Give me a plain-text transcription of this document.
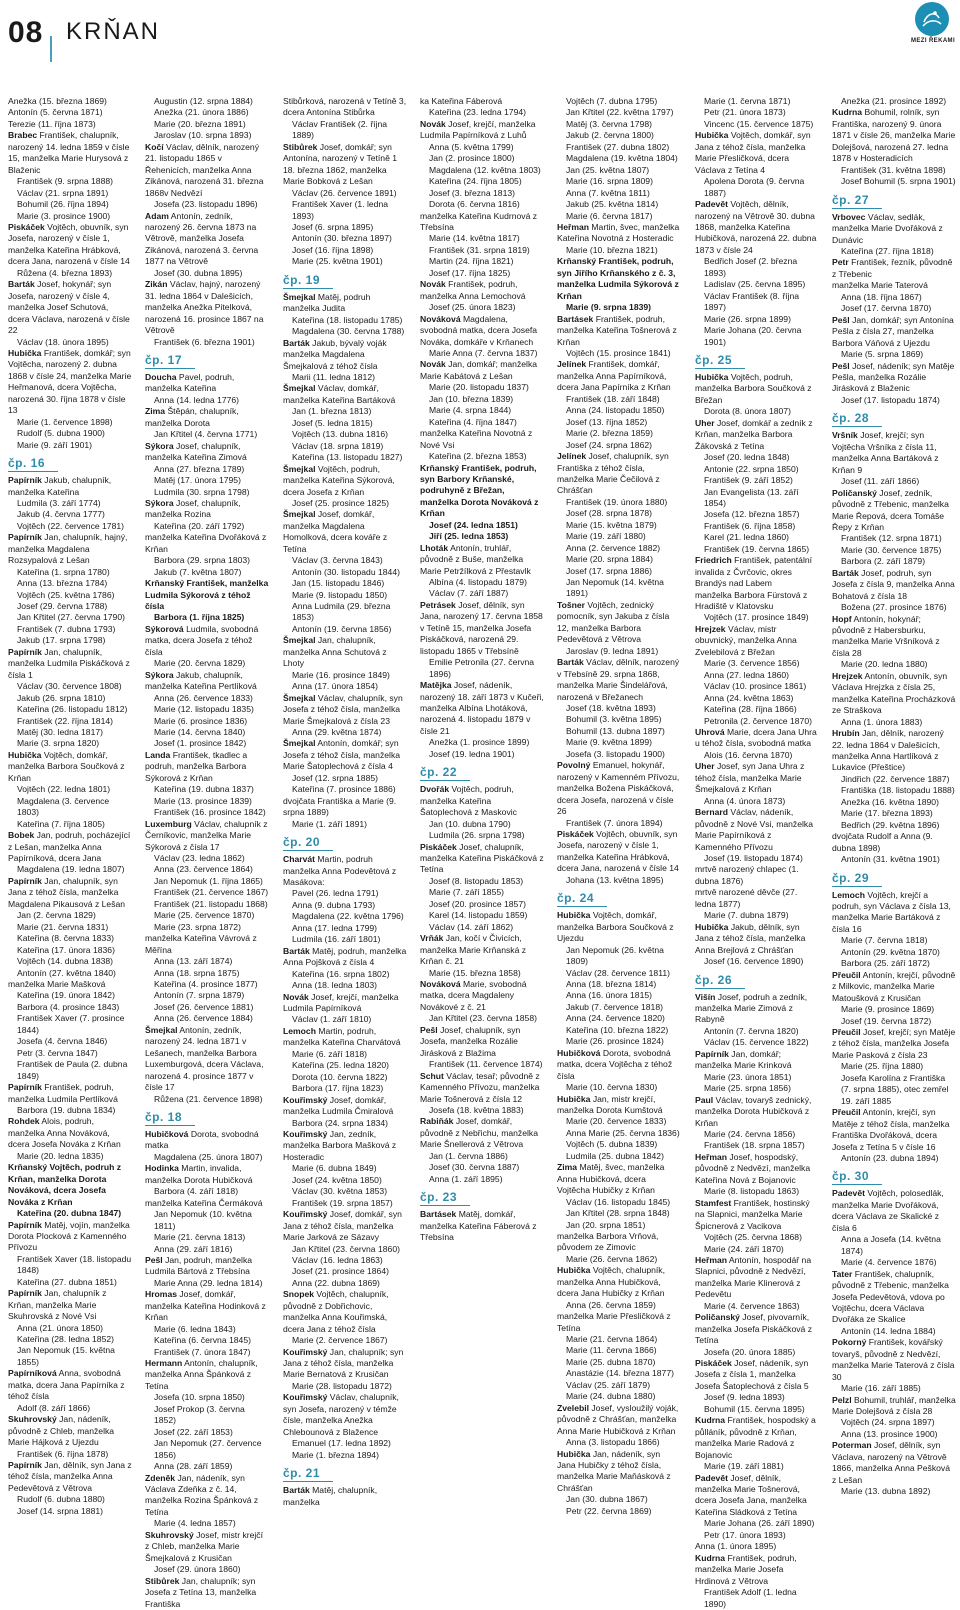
08 KRŇAN	MEZI ŘEKAMI
Anežka (15. března 1869)
Antonín (5. června 1871)
Terezie (11. října 1873)
Brabec František, chalupník, narozený 14. ledna 1859 v čísle 15, manželka Marie Hurysová z Blaženic
František (9. srpna 1888)
Václav (21. srpna 1891)
Bohumil (26. října 1894)
Marie (3. prosince 1900)
Piskáček Vojtěch, obuvník, syn Josefa, narozený v čísle 1, manželka Kateřina Hrábková, dcera Jana, narozená v čísle 14
Růžena (4. března 1893)
Barták Josef, hokynář; syn Josefa, narozený v čísle 4, manželka Josef Schutová, dcera Václava, narozená v čísle 22
Václav (18. února 1895)
Hubička František, domkář; syn Vojtěcha, narozený 2. dubna 1868 v čísle 24, manželka Marie Heřmanová, dcera Vojtěcha, narozená 30. října 1878 v čísle 13
Marie (1. července 1898)
Rudolf (5. dubna 1900)
Marie (9. září 1901)
čp. 16
Papírník Jakub, chalupník, manželka Kateřina
Ludmila (3. září 1774)
Jakub (4. června 1777)
Vojtěch (22. července 1781)
Papírník Jan, chalupník, hajný, manželka Magdalena Rozsypalová z Lešan
Kateřina (1. srpna 1780)
Anna (13. března 1784)
Vojtěch (25. května 1786)
Josef (29. června 1788)
Jan Křtitel (27. června 1790)
František (7. dubna 1793)
Jakub (17. srpna 1798)
Papírník Jan, chalupník, manželka Ludmila Piskáčková z čísla 1
Václav (30. července 1808)
Jakub (26. srpna 1810)
Kateřina (26. listopadu 1812)
František (22. října 1814)
Matěj (30. ledna 1817)
Marie (3. srpna 1820)
Hubička Vojtěch, domkář, manželka Barbora Součková z Krňan
Vojtěch (22. ledna 1801)
Magdalena (3. července 1803)
Kateřina (7. října 1805)
Bobek Jan, podruh, pocházející z Lešan, manželka Anna Papírníková, dcera Jana
Magdalena (19. ledna 1807)
Papírník Jan, chalupník, syn Jana z téhož čísla, manželka Magdalena Pikausová z Lešan
Jan (2. června 1829)
Marie (21. června 1831)
Kateřina (8. června 1833)
Kateřina (17. února 1836)
Vojtěch (14. dubna 1838)
Antonín (27. května 1840)
manželka Marie Mašková
Kateřina (19. února 1842)
Barbora (4. prosince 1843)
František Xaver (7. prosince 1844)
Josefa (4. června 1846)
Petr (3. června 1847)
František de Paula (2. dubna 1849)
Papírník František, podruh, manželka Ludmila Pertlíková
Barbora (19. dubna 1834)
Rohdek Alois, podruh, manželka Anna Nováková, dcera Josefa Nováka z Krňan
Marie (20. ledna 1835)
Krňanský Vojtěch, podruh z Krňan, manželka Dorota Nováková, dcera Josefa Nováka z Krňan
Kateřina (20. dubna 1847)
Papírník Matěj, vojín, manželka Dorota Plocková z Kamenného Přívozu
František Xaver (18. listopadu 1848)
Kateřina (27. dubna 1851)
Papírník Jan, chalupník z Krňan, manželka Marie Skuhrovská z Nové Vsi
Anna (21. února 1850)
Kateřina (28. ledna 1852)
Jan Nepomuk (15. května 1855)
Papírníková Anna, svobodná matka, dcera Jana Papírníka z téhož čísla
Adolf (8. září 1866)
Skuhrovský Jan, nádeník, původně z Chleb, manželka Marie Hájková z Ujezdu
František (6. října 1878)
Papírník Jan, dělník, syn Jana z téhož čísla, manželka Anna Pedevětová z Větrova
Rudolf (6. dubna 1880)
Josef (14. srpna 1881)
Augustin (12. srpna 1884)
Anežka (21. února 1886)
Marie (20. března 1891)
Jaroslav (10. srpna 1893)
Kočí Václav, dělník, narozený 21. listopadu 1865 v Řehenicích, manželka Anna Zikánová, narozená 31. března 1868v Nedvězí
Josefa (23. listopadu 1896)
Adam Antonín, zedník, narozený 26. června 1873 na Větrově, manželka Josefa Zikánová, narozená 3. června 1877 na Větrově
Josef (30. dubna 1895)
Zikán Václav, hajný, narozený 31. ledna 1864 v Dalešicích, manželka Anežka Pitelková, narozená 16. prosince 1867 na Větrově
František (6. března 1901)
čp. 17
Doucha Pavel, podruh, manželka Kateřina
Anna (14. ledna 1776)
Zima Štěpán, chalupník, manželka Dorota
Jan Křtitel (4. června 1771)
Sýkora Josef, chalupník, manželka Kateřina Zimová
Anna (27. března 1789)
Matěj (17. února 1795)
Ludmila (30. srpna 1798)
Sýkora Josef, chalupník, manželka Rozina
Kateřina (20. září 1792)
manželka Kateřina Dvořáková z Krňan
Barbora (29. srpna 1803)
Jakub (7. května 1807)
Krňanský František, manželka Ludmila Sýkorová z téhož čísla
Barbora (1. října 1825)
Sýkorová Ludmila, svobodná matka, dcera Josefa z téhož čísla
Marie (20. června 1829)
Sýkora Jakub, chalupník, manželka Kateřina Pertlíková
Anna (26. července 1833)
Marie (12. listopadu 1835)
Marie (6. prosince 1836)
Marie (14. června 1840)
Josef (1. prosince 1842)
Landa František, tkadlec a podruh, manželka Barbora Sýkorová z Krňan
Kateřina (19. dubna 1837)
Marie (13. prosince 1839)
František (16. prosince 1842)
Luxemburg Václav, chalupník z Černíkovic, manželka Marie Sýkorová z čísla 17
Václav (23. ledna 1862)
Anna (23. července 1864)
Jan Nepomuk (1. října 1865)
František (21. července 1867)
František (21. listopadu 1868)
Marie (25. července 1870)
Marie (23. srpna 1872)
manželka Kateřina Vávrová z Měřína
Anna (13. září 1874)
Anna (18. srpna 1875)
Kateřina (4. prosince 1877)
Antonín (7. srpna 1879)
Josef (26. července 1881)
Anna (26. července 1884)
Šmejkal Antonín, zedník, narozený 24. ledna 1871 v Lešanech, manželka Barbora Luxemburgová, dcera Václava, narozená 4. prosince 1877 v čísle 17
Růžena (21. července 1898)
čp. 18
Hubičková Dorota, svobodná matka
Magdalena (25. února 1807)
Hodinka Martin, invalida, manželka Dorota Hubičková
Barbora (4. září 1818)
manželka Kateřina Čermáková
Jan Nepomuk (10. května 1811)
Marie (21. června 1813)
Anna (29. září 1816)
Pešl Jan, podruh, manželka Ludmila Bártová z Třebsína
Marie Anna (29. ledna 1814)
Hromas Josef, domkář, manželka Kateřina Hodinková z Krňan
Marie (6. ledna 1843)
Kateřina (6. června 1845)
František (7. února 1847)
Hermann Antonín, chalupník, manželka Anna Špánková z Tetína
Josefa (10. srpna 1850)
Josef Prokop (3. června 1852)
Josef (22. září 1853)
Jan Nepomuk (27. července 1856)
Anna (28. září 1859)
Zdeněk Jan, nádeník, syn Václava Zdeňka z č. 14, manželka Rozina Špánková z Tetína
Marie (4. ledna 1857)
Skuhrovský Josef, mistr krejčí z Chleb, manželka Marie Šmejkalová z Krusičan
Josef (29. února 1860)
Stibůrek Jan, chalupník; syn Josefa z Tetína 13, manželka Františka
Stibůrková, narozená v Tetíně 3, dcera Antonína Stibůrka
Václav František (2. října 1889)
Stibůrek Josef, domkář; syn Antonína, narozený v Tetíně 1 18. března 1862, manželka Marie Bobková z Lešan
Václav (26. července 1891)
František Xaver (1. ledna 1893)
Josef (6. srpna 1895)
Antonín (30. března 1897)
Josef (16. října 1898)
Marie (25. května 1901)
čp. 19
Šmejkal Matěj, podruh manželka Judita
Kateřina (18. listopadu 1785)
Magdalena (30. června 1788)
Barták Jakub, bývalý voják manželka Magdalena Šmejkalová z téhož čísla
Marii (11. ledna 1812)
Šmejkal Václav, domkář, manželka Kateřina Bartáková
Jan (1. března 1813)
Josef (5. ledna 1815)
Vojtěch (13. dubna 1816)
Václav (18. srpna 1819)
Kateřina (13. listopadu 1827)
Šmejkal Vojtěch, podruh, manželka Kateřina Sýkorová, dcera Josefa z Krňan
Josef (25. prosince 1825)
Šmejkal Josef, domkář, manželka Magdalena Homolková, dcera kováře z Tetína
Václav (3. června 1843)
Antonín (30. listopadu 1844)
Jan (15. listopadu 1846)
Marie (9. listopadu 1850)
Anna Ludmila (29. března 1853)
Antonín (19. června 1856)
Šmejkal Jan, chalupník, manželka Anna Schutová z Lhoty
Marie (16. prosince 1849)
Anna (17. února 1854)
Šmejkal Václav, chalupník, syn Josefa z téhož čísla, manželka Marie Šmejkalová z čísla 23
Anna (29. května 1874)
Šmejkal Antonín, domkář; syn Josefa z téhož čísla, manželka Marie Šatoplechová z čísla 4
Josef (12. srpna 1885)
Kateřina (7. prosince 1886)
dvojčata Františka a Marie (9. srpna 1889)
Marie (1. září 1891)
čp. 20
Charvát Martin, podruh manželka Anna Podevětová z Masákova:
Pavel (26. ledna 1791)
Anna (9. dubna 1793)
Magdalena (22. května 1796)
Anna (17. ledna 1799)
Ludmila (16. září 1801)
Barták Matěj, podruh, manželka Anna Pojšková z čísla 4
Kateřina (16. srpna 1802)
Anna (18. ledna 1803)
Novák Josef, krejčí, manželka Ludmila Papírníková
Václav (1. září 1810)
Lemoch Martin, podruh, manželka Kateřina Charvátová
Marie (6. září 1818)
Kateřina (25. ledna 1820)
Dorota (10. června 1822)
Barbora (17. října 1823)
Kouřimský Josef, domkář, manželka Ludmila Čmiralová
Barbora (24. srpna 1834)
Kouřimský Jan, zedník, manželka Barbora Mašková z Hosteradic
Marie (6. dubna 1849)
Josef (24. května 1850)
Václav (30. května 1853)
František (19. srpna 1857)
Kouřimský Josef, domkář, syn Jana z téhož čísla, manželka Marie Jarková ze Sázavy
Jan Křtitel (23. června 1860)
Václav (16. ledna 1863)
Josef (21. prosince 1864)
Anna (22. dubna 1869)
Snopek Vojtěch, chalupník, původně z Dobřichovic, manželka Anna Kouřimská, dcera Jana z téhož čísla
Marie (2. července 1867)
Kouřimský Jan, chalupník; syn Jana z téhož čísla, manželka Marie Bernatová z Krusičan
Marie (28. listopadu 1872)
Kouřimský Václav, chalupník, syn Josefa, narozený v témže čísle, manželka Anežka Chlebounová z Blažence
Emanuel (17. ledna 1892)
Marie (1. března 1894)
čp. 21
Barták Matěj, chalupník, manželka
ka Kateřina Fáberová
Kateřina (23. ledna 1794)
Novák Josef, krejčí, manželka Ludmila Papírníková z Luhů
Anna (5. května 1799)
Jan (2. prosince 1800)
Magdalena (12. května 1803)
Kateřina (24. října 1805)
Josef (3. března 1813)
Dorota (6. června 1816)
manželka Kateřina Kudrnová z Třebsína
Marie (14. května 1817)
František (31. srpna 1819)
Martin (24. října 1821)
Josef (17. října 1825)
Novák František, podruh, manželka Anna Lemochová
Josef (25. února 1823)
Nováková Magdalena, svobodná matka, dcera Josefa Nováka, domkáře v Krňanech
Marie Anna (7. června 1837)
Novák Jan, domkář; manželka Marie Kabátová z Lešan
Marie (20. listopadu 1837)
Jan (10. března 1839)
Marie (4. srpna 1844)
Kateřina (4. října 1847)
manželka Kateřina Novotná z Nové Vsi
Kateřina (2. března 1853)
Krňanský František, podruh, syn Barbory Krňanské, podruhyně z Břežan, manželka Dorota Nováková z Krňan
Josef (24. ledna 1851)
Jiří (25. ledna 1853)
Lhoták Antonín, truhlář, původně z Buše, manželka Marie Petržílková z Přestavlk
Albína (4. listopadu 1879)
Václav (7. září 1887)
Petrásek Josef, dělník, syn Jana, narozený 17. června 1858 v Tetíně 15, manželka Josefa Piskáčková, narozená 29. listopadu 1865 v Třebsíně
Emilie Petronila (27. června 1896)
Matějka Josef, nádeník, narozený 18. září 1873 v Kučeři, manželka Albína Lhotáková, narozená 4. listopadu 1879 v čísle 21
Anežka (1. prosince 1899)
Josef (19. ledna 1901)
čp. 22
Dvořák Vojtěch, podruh, manželka Kateřina Šatoplechová z Maskovic
Jan (10. dubna 1790)
Ludmila (26. srpna 1798)
Piskáček Josef, chalupník, manželka Kateřina Piskáčková z Tetína
Josef (8. listopadu 1853)
Marie (7. září 1855)
Josef (20. prosince 1857)
Karel (14. listopadu 1859)
Václav (14. září 1862)
Vrňák Jan, kočí v Čivicích, manželka Marie Krňanská z Krňan č. 21
Marie (15. března 1858)
Nováková Marie, svobodná matka, dcera Magdaleny Novákové z č. 21
Jan Křtitel (23. června 1858)
Pešl Josef, chalupník, syn Josefa, manželka Rozálie Jirásková z Blažima
František (11. července 1874)
Schut Václav, tesař; původně z Kamenného Přívozu, manželka Marie Tošnerová z čísla 12
Josefa (18. května 1883)
Rabiňák Josef, domkář, původně z Nebřichu, manželka Marie Šnellerová z Větrova
Jan (1. června 1886)
Josef (30. června 1887)
Anna (1. září 1895)
čp. 23
Bartásek Matěj, domkář, manželka Kateřina Fáberová z Třebsína
Vojtěch (7. dubna 1795)
Jan Křtitel (22. května 1797)
Matěj (3. června 1798)
Jakub (2. června 1800)
František (27. dubna 1802)
Magdalena (19. května 1804)
Jan (25. května 1807)
Marie (16. srpna 1809)
Anna (7. května 1811)
Jakub (25. května 1814)
Marie (6. června 1817)
Heřman Martin, švec, manželka Kateřina Novotná z Hosteradic
Marie (10. března 1821)
Krňanský František, podruh, syn Jiřího Krňanského z č. 3, manželka Ludmila Sýkorová z Krňan
Marie (9. srpna 1839)
Bartásek František, podruh, manželka Kateřina Tošnerová z Krňan
Vojtěch (15. prosince 1841)
Jelínek František, domkář, manželka Anna Papírníková, dcera Jana Papírníka z Krňan
František (18. září 1848)
Anna (24. listopadu 1850)
Josef (13. října 1852)
Marie (2. března 1859)
Josef (24. srpna 1862)
Jelínek Josef, chalupník, syn Františka z téhož čísla, manželka Marie Čečilová z Chrášťan
František (19. února 1880)
Josef (28. srpna 1878)
Marie (15. května 1879)
Marie (19. září 1880)
Anna (2. července 1882)
Marie (20. srpna 1884)
Josef (17. srpna 1886)
Jan Nepomuk (14. května 1891)
Tošner Vojtěch, zednický pomocník, syn Jakuba z čísla 12, manželka Barbora Pedevětová z Větrova
Jaroslav (9. ledna 1891)
Barták Václav, dělník, narozený v Třebsíně 29. srpna 1868, manželka Marie Šindelářová, narozená v Břežanech
Josef (18. května 1893)
Bohumil (3. května 1895)
Bohumil (13. dubna 1897)
Marie (9. května 1899)
Josefa (3. listopadu 1900)
Povolný Emanuel, hokynář, narozený v Kamenném Přívozu, manželka Božena Piskáčková, dcera Josefa, narozená v čísle 26
František (7. února 1894)
Piskáček Vojtěch, obuvník, syn Josefa, narozený v čísle 1, manželka Kateřina Hrábková, dcera Jana, narozená v čísle 14
Johana (13. května 1895)
čp. 24
Hubička Vojtěch, domkář, manželka Barbora Součková z Ujezdu
Jan Nepomuk (26. května 1809)
Václav (28. července 1811)
Anna (18. března 1814)
Anna (16. února 1815)
Jakub (7. července 1818)
Anna (24. července 1820)
Kateřina (10. března 1822)
Marie (26. prosince 1824)
Hubičková Dorota, svobodná matka, dcera Vojtěcha z téhož čísla
Marie (10. června 1830)
Hubička Jan, mistr krejčí, manželka Dorota Kumštová
Marie (20. července 1833)
Anna Marie (25. června 1836)
Vojtěch (5. dubna 1839)
Ludmila (25. dubna 1842)
Zima Matěj, švec, manželka Anna Hubičková, dcera Vojtěcha Hubičky z Krňan
Václav (16. listopadu 1845)
Jan Křtitel (28. srpna 1848)
Jan (20. srpna 1851)
manželka Barbora Vrňová, původem ze Zimovic
Marie (26. června 1862)
Hubička Vojtěch, chalupník, manželka Anna Hubičková, dcera Jana Hubičky z Krňan
Anna (26. června 1859)
manželka Marie Přesličková z Tetína
Marie (21. června 1864)
Marie (11. června 1866)
Marie (25. dubna 1870)
Anastázie (14. března 1877)
Václav (25. září 1879)
Marie (24. dubna 1880)
Zvelebil Josef, vysloužilý voják, původně z Chrášťan, manželka Anna Marie Hubičková z Krňan
Anna (3. listopadu 1866)
Hubička Jan, nádeník, syn Jana Hubičky z téhož čísla, manželka Marie Maňásková z Chrášťan
Jan (30. dubna 1867)
Petr (22. června 1869)
Marie (1. června 1871)
Petr (21. února 1873)
Vincenc (15. července 1875)
Hubička Vojtěch, domkář, syn Jana z téhož čísla, manželka Marie Přesličková, dcera Václava z Tetína 4
Apolena Dorota (9. června 1887)
Padevět Vojtěch, dělník, narozený na Větrově 30. dubna 1868, manželka Kateřina Hubičková, narozená 22. dubna 1873 v čísle 24
Bedřich Josef (2. března 1893)
Ladislav (25. června 1895)
Václav František (8. října 1897)
Marie (26. srpna 1899)
Marie Johana (20. června 1901)
čp. 25
Hubička Vojtěch, podruh, manželka Barbora Součková z Břežan
Dorota (8. února 1807)
Uher Josef, domkář a zedník z Krňan, manželka Barbora Žákovská z Tetína
Josef (20. ledna 1848)
Antonie (22. srpna 1850)
František (9. září 1852)
Jan Evangelista (13. září 1854)
Josefa (12. března 1857)
František (6. října 1858)
Karel (21. ledna 1860)
František (19. června 1865)
Friedrich František, patentální invalida z Čvrčovic, okres Brandýs nad Labem
manželka Barbora Fürstová z Hradiště v Klatovsku
Vojtěch (17. prosince 1849)
Hrejzek Václav, mistr obuvnický, manželka Anna Zvelebilová z Břežan
Marie (3. července 1856)
Anna (27. ledna 1860)
Václav (10. prosince 1861)
Anna (24. května 1863)
Kateřina (28. října 1866)
Petronila (2. července 1870)
Uhrová Marie, dcera Jana Uhra u téhož čísla, svobodná matka
Alois (16. června 1870)
Uher Josef, syn Jana Uhra z téhož čísla, manželka Marie Šmejkalová z Krňan
Anna (4. února 1873)
Bernard Václav, nádeník, původně z Nové Vsi, manželka Marie Papírníková z Kamenného Přívozu
Josef (19. listopadu 1874)
mrtvě narozený chlapec (1. dubna 1876)
mrtvě narozené děvče (27. ledna 1877)
Marie (7. dubna 1879)
Hubička Jakub, dělník, syn Jana z téhož čísla, manželka Anna Brejlová z Chrášťan
Josef (16. července 1890)
čp. 26
Višín Josef, podruh a zedník, manželka Marie Zimová z Rabyně
Antonín (7. června 1820)
Václav (15. července 1822)
Papírník Jan, domkář; manželka Marie Krinková
Marie (23. února 1851)
Marie (25. srpna 1856)
Paul Václav, tovaryš zednický, manželka Dorota Hubičková z Krňan
Marie (24. června 1856)
František (18. srpna 1857)
Heřman Josef, hospodský, původně z Nedvězí, manželka Kateřina Nová z Bojanovic
Marie (8. listopadu 1863)
Stamfest František, hostinský na Slapnici, manželka Marie Špicnerová z Vacikova
Vojtěch (25. června 1868)
Marie (24. září 1870)
Heřman Antonín, hospodář na Slapnici, původně z Nedvězí, manželka Marie Klinerová z Pedevětu
Marie (4. července 1863)
Poličanský Josef, pivovarník, manželka Josefa Piskáčková z Tetína
Josefa (20. února 1885)
Piskáček Josef, nádeník, syn Josefa z čísla 1, manželka Josefa Šatoplechová z čísla 5
Josef (9. ledna 1893)
Bohumil (15. června 1895)
Kudrna František, hospodský a půlláník, původně z Krňan, manželka Marie Radová z Bojanovic
Marie (19. září 1881)
Padevět Josef, dělník, manželka Marie Tošnerová, dcera Josefa Jana, manželka Kateřina Sládková z Tetína
Marie Johana (26. září 1890)
Petr (17. února 1893)
Anna (1. února 1895)
Kudrna František, podruh, manželka Marie Josefa Hrdinová z Větrova
František Adolf (1. ledna 1890)
Anežka (21. prosince 1892)
Kudrna Bohumil, rolník, syn Františka, narozený 9. února 1871 v čísle 26, manželka Marie Dolejšová, narozená 27. ledna 1878 v Hosteradicích
František (31. května 1898)
Josef Bohumil (5. srpna 1901)
čp. 27
Vrbovec Václav, sedlák, manželka Marie Dvořáková z Dunávic
Kateřina (27. října 1818)
Petr František, řezník, původně z Třebenic
manželka Marie Taterová
Anna (18. října 1867)
Josef (17. června 1870)
Pešl Jan, domkář; syn Antonína Pešla z čísla 27, manželka Barbora Váňová z Ujezdu
Marie (5. srpna 1869)
Pešl Josef, nádeník; syn Matěje Pešla, manželka Rozálie Jirásková z Blaženic
Josef (17. listopadu 1874)
čp. 28
Vršník Josef, krejčí; syn Vojtěcha Vršníka z čísla 11, manželka Anna Bartáková z Krňan 9
Josef (11. září 1866)
Poličanský Josef, zedník, původně z Třebenic, manželka Marie Řepová, dcera Tomáše Řepy z Krňan
František (12. srpna 1871)
Marie (30. července 1875)
Barbora (2. září 1879)
Barták Josef, podruh, syn Josefa z čísla 9, manželka Anna Bohatová z čísla 18
Božena (27. prosince 1876)
Hopf Antonín, hokynář; původně z Habersburku, manželka Marie Vršníková z čísla 28
Marie (20. ledna 1880)
Hrejzek Antonín, obuvník, syn Václava Hrejzka z čísla 25, manželka Kateřina Procházková ze Straškova
Anna (1. února 1883)
Hrubín Jan, dělník, narozený 22. ledna 1864 v Dalešicích, manželka Anna Hartlíková z Lukavice (Přeštice)
Jindřich (22. července 1887)
Františka (18. listopadu 1888)
Anežka (16. května 1890)
Marie (17. března 1893)
Bedřich (29. května 1896)
dvojčata Rudolf a Anna (9. dubna 1898)
Antonín (31. května 1901)
čp. 29
Lemoch Vojtěch, krejčí a podruh, syn Václava z čísla 13, manželka Marie Bartáková z čísla 16
Marie (7. června 1818)
Antonín (29. května 1870)
Barbora (25. září 1872)
Přeučil Antonín, krejčí, původně z Milkovic, manželka Marie Matoušková z Krusičan
Marie (9. prosince 1869)
Josef (19. června 1872)
Přeučil Josef, krejčí; syn Matěje z téhož čísla, manželka Josefa Marie Pasková z čísla 23
Marie (25. října 1880)
Josefa Karolína z Františka (7. srpna 1885), otec zemřel 19. září 1885
Přeučil Antonín, krejčí, syn Matěje z téhož čísla, manželka Františka Dvořáková, dcera Josefa z Tetína 5 v čísle 16
Antonín (23. dubna 1894)
čp. 30
Padevět Vojtěch, polosedlák, manželka Marie Dvořáková, dcera Václava ze Skalické z čísla 6
Anna a Josefa (14. května 1874)
Marie (4. července 1876)
Tater František, chalupník, původně z Třebenic, manželka Josefa Pedevětová, vdova po Vojtěchu, dcera Václava Dvořáka ze Skalice
Antonín (14. ledna 1884)
Pokorný František, kovářský tovaryš, původně z Nedvězí, manželka Marie Taterová z čísla 30
Marie (16. září 1885)
Pelzl Bohumil, truhlář, manželka Marie Dolejšová z čísla 28
Vojtěch (24. srpna 1897)
Anna (13. prosince 1900)
Poterman Josef, dělník, syn Václava, narozený na Větrově 1866, manželka Anna Pešková z Lešan
Marie (13. dubna 1892)
